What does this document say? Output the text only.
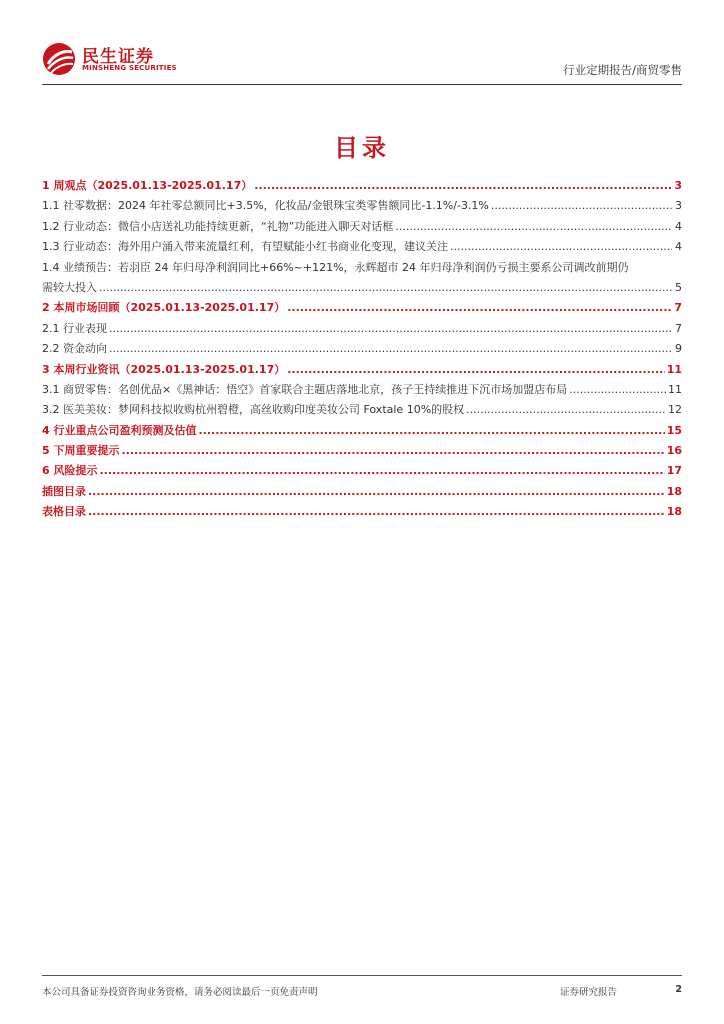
民生证券
MINSHENG SECURITIES	行业定期报告/商贸零售
目录
1 周观点（2025.01.13-2025.01.17） .....	3
1.1 社零数据：2024 年社零总额同比+3.5%，化妆品/金银珠宝类零售额同比-1.1%/-3.1% .....	3
1.2 行业动态：微信小店送礼功能持续更新，“礼物”功能进入聊天对话框 .....	4
1.3 行业动态：海外用户涌入带来流量红利，有望赋能小红书商业化变现，建议关注 .....	4
1.4 业绩预告：若羽臣 24 年归母净利润同比+66%~+121%，永辉超市 24 年归母净利润仍亏损主要系公司调改前期仍
需较大投入 .....	5
2 本周市场回顾（2025.01.13-2025.01.17） .....	7
2.1 行业表现 .....	7
2.2 资金动向 .....	9
3 本周行业资讯（2025.01.13-2025.01.17） .....	11
3.1 商贸零售：名创优品×《黑神话：悟空》首家联合主题店落地北京，孩子王持续推进下沉市场加盟店布局 .....	11
3.2 医美美妆：梦网科技拟收购杭州碧橙，高丝收购印度美妆公司 Foxtale 10%的股权 .....	12
4 行业重点公司盈利预测及估值 .....	15
5 下周重要提示 .....	16
6 风险提示 .....	17
插图目录 .....	18
表格目录 .....	18
本公司具备证券投资咨询业务资格，请务必阅读最后一页免责声明	证券研究报告	2
